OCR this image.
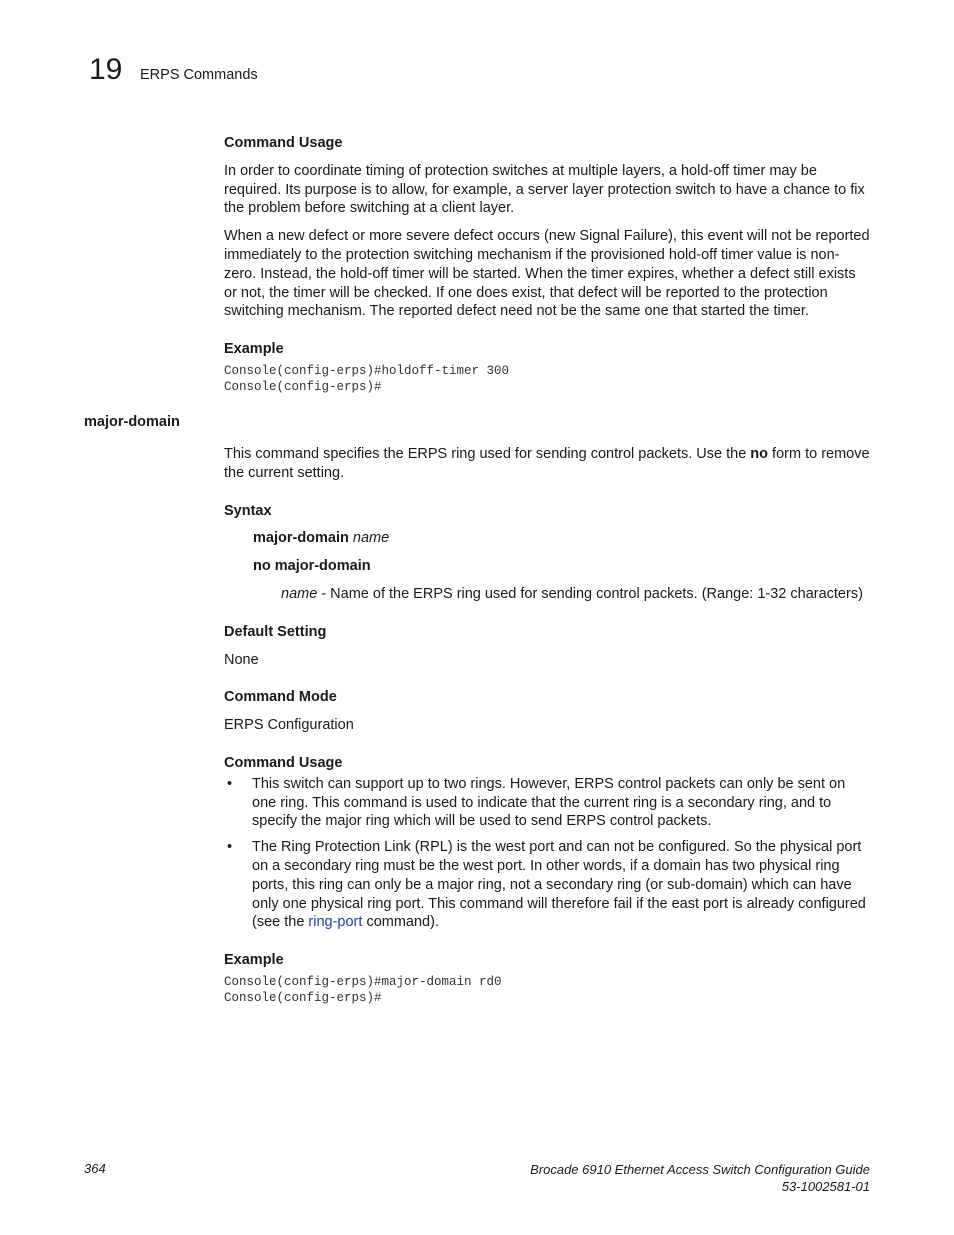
19 ERPS Commands

Command Usage

In order to coordinate timing of protection switches at multiple layers, a hold-off timer may be required. Its purpose is to allow, for example, a server layer protection switch to have a chance to fix the problem before switching at a client layer.

When a new defect or more severe defect occurs (new Signal Failure), this event will not be reported immediately to the protection switching mechanism if the provisioned hold-off timer value is non-zero. Instead, the hold-off timer will be started. When the timer expires, whether a defect still exists or not, the timer will be checked. If one does exist, that defect will be reported to the protection switching mechanism. The reported defect need not be the same one that started the timer.

Example

Console(config-erps)#holdoff-timer 300
Console(config-erps)#
major-domain

This command specifies the ERPS ring used for sending control packets. Use the no form to remove the current setting.

Syntax

major-domain name

no major-domain

name - Name of the ERPS ring used for sending control packets. (Range: 1-32 characters)

Default Setting

None

Command Mode

ERPS Configuration

Command Usage

• This switch can support up to two rings. However, ERPS control packets can only be sent on one ring. This command is used to indicate that the current ring is a secondary ring, and to specify the major ring which will be used to send ERPS control packets.
• The Ring Protection Link (RPL) is the west port and can not be configured. So the physical port on a secondary ring must be the west port. In other words, if a domain has two physical ring ports, this ring can only be a major ring, not a secondary ring (or sub-domain) which can have only one physical ring port. This command will therefore fail if the east port is already configured (see the ring-port command).

Example

Console(config-erps)#major-domain rd0
Console(config-erps)#
364	Brocade 6910 Ethernet Access Switch Configuration Guide
53-1002581-01
